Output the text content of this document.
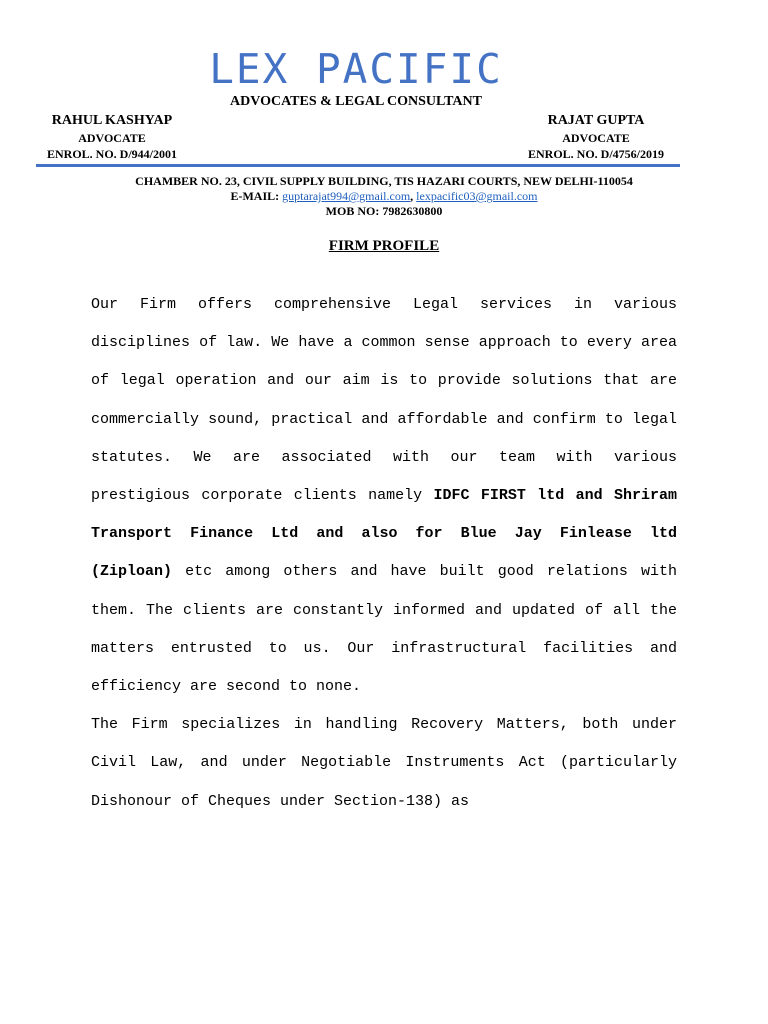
LEX PACIFIC
ADVOCATES & LEGAL CONSULTANT
RAHUL KASHYAP
ADVOCATE
ENROL. NO. D/944/2001
RAJAT GUPTA
ADVOCATE
ENROL. NO. D/4756/2019
CHAMBER NO. 23, CIVIL SUPPLY BUILDING, TIS HAZARI COURTS, NEW DELHI-110054
E-MAIL: guptarajat994@gmail.com, lexpacific03@gmail.com
MOB NO: 7982630800
FIRM PROFILE

Our Firm offers comprehensive Legal services in various disciplines of law. We have a common sense approach to every area of legal operation and our aim is to provide solutions that are commercially sound, practical and affordable and confirm to legal statutes. We are associated with our team with various prestigious corporate clients namely IDFC FIRST ltd and Shriram Transport Finance Ltd and also for Blue Jay Finlease ltd (Ziploan) etc among others and have built good relations with them. The clients are constantly informed and updated of all the matters entrusted to us. Our infrastructural facilities and efficiency are second to none.

The Firm specializes in handling Recovery Matters, both under Civil Law, and under Negotiable Instruments Act (particularly Dishonour of Cheques under Section-138) as
